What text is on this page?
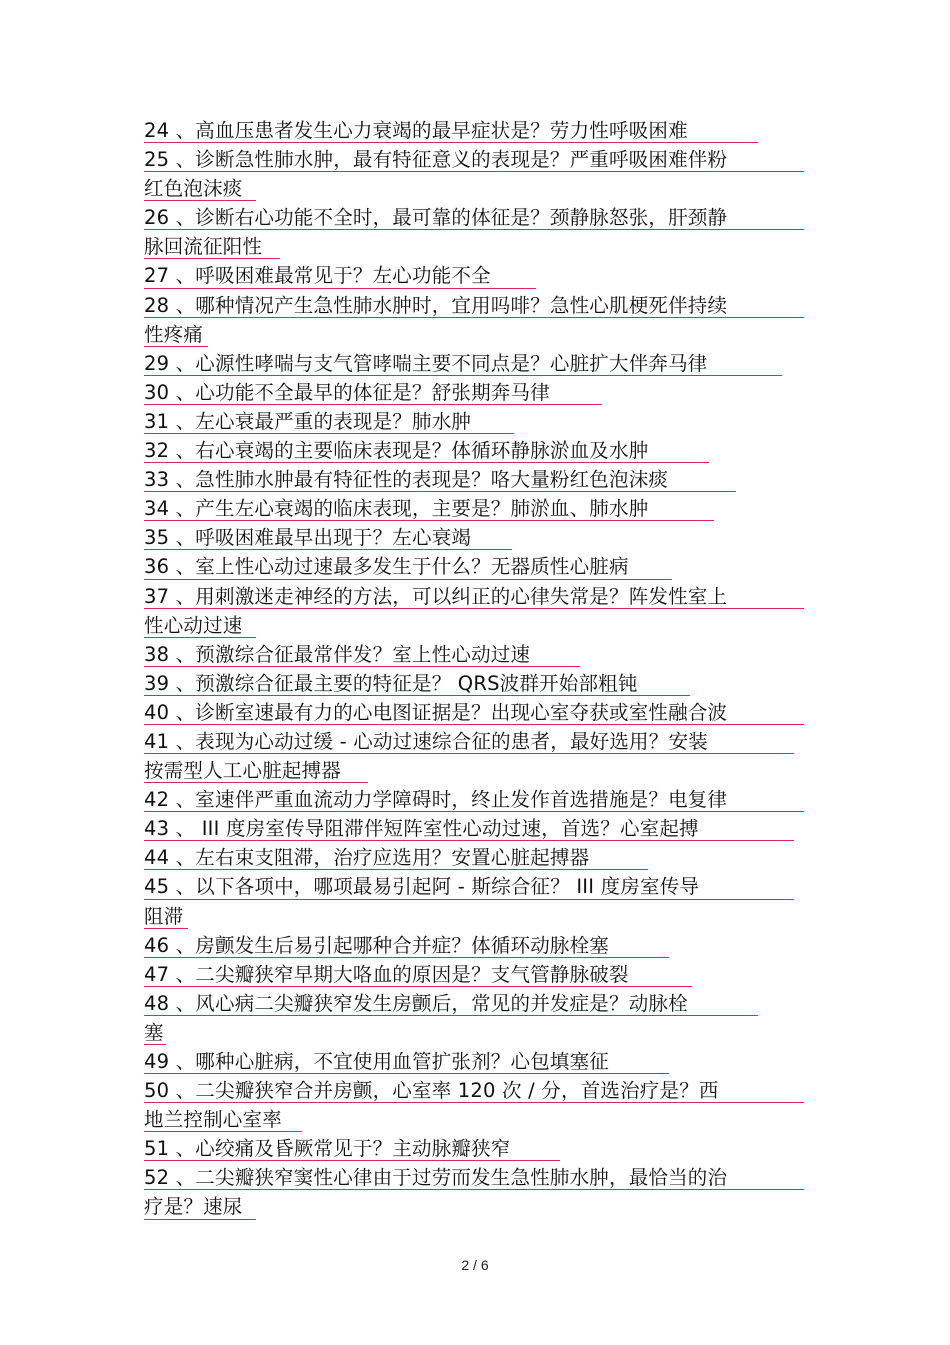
24 、高血压患者发生心力衰竭的最早症状是？劳力性呼吸困难
25 、诊断急性肺水肿，最有特征意义的表现是？严重呼吸困难伴粉
红色泡沫痰
26 、诊断右心功能不全时，最可靠的体征是？颈静脉怒张，肝颈静
脉回流征阳性
27 、呼吸困难最常见于？左心功能不全
28 、哪种情况产生急性肺水肿时，宜用吗啡？急性心肌梗死伴持续
性疼痛
29 、心源性哮喘与支气管哮喘主要不同点是？心脏扩大伴奔马律
30 、心功能不全最早的体征是？舒张期奔马律
31 、左心衰最严重的表现是？肺水肿
32 、右心衰竭的主要临床表现是？体循环静脉淤血及水肿
33 、急性肺水肿最有特征性的表现是？咯大量粉红色泡沫痰
34 、产生左心衰竭的临床表现，主要是？肺淤血、肺水肿
35 、呼吸困难最早出现于？左心衰竭
36 、室上性心动过速最多发生于什么？无器质性心脏病
37 、用刺激迷走神经的方法，可以纠正的心律失常是？阵发性室上
性心动过速
38 、预激综合征最常伴发？室上性心动过速
39 、预激综合征最主要的特征是？ QRS波群开始部粗钝
40 、诊断室速最有力的心电图证据是？出现心室夺获或室性融合波
41 、表现为心动过缓 - 心动过速综合征的患者，最好选用？安装
按需型人工心脏起搏器
42 、室速伴严重血流动力学障碍时，终止发作首选措施是？电复律
43 、 III 度房室传导阻滞伴短阵室性心动过速，首选？心室起搏
44 、左右束支阻滞，治疗应选用？安置心脏起搏器
45 、以下各项中，哪项最易引起阿 - 斯综合征？ III 度房室传导
阻滞
46 、房颤发生后易引起哪种合并症？体循环动脉栓塞
47 、二尖瓣狭窄早期大咯血的原因是？支气管静脉破裂
48 、风心病二尖瓣狭窄发生房颤后，常见的并发症是？动脉栓
塞
49 、哪种心脏病，不宜使用血管扩张剂？心包填塞征
50 、二尖瓣狭窄合并房颤，心室率 120 次 / 分，首选治疗是？西
地兰控制心室率
51 、心绞痛及昏厥常见于？主动脉瓣狭窄
52 、二尖瓣狭窄窦性心律由于过劳而发生急性肺水肿，最恰当的治
疗是？速尿
2 / 6
